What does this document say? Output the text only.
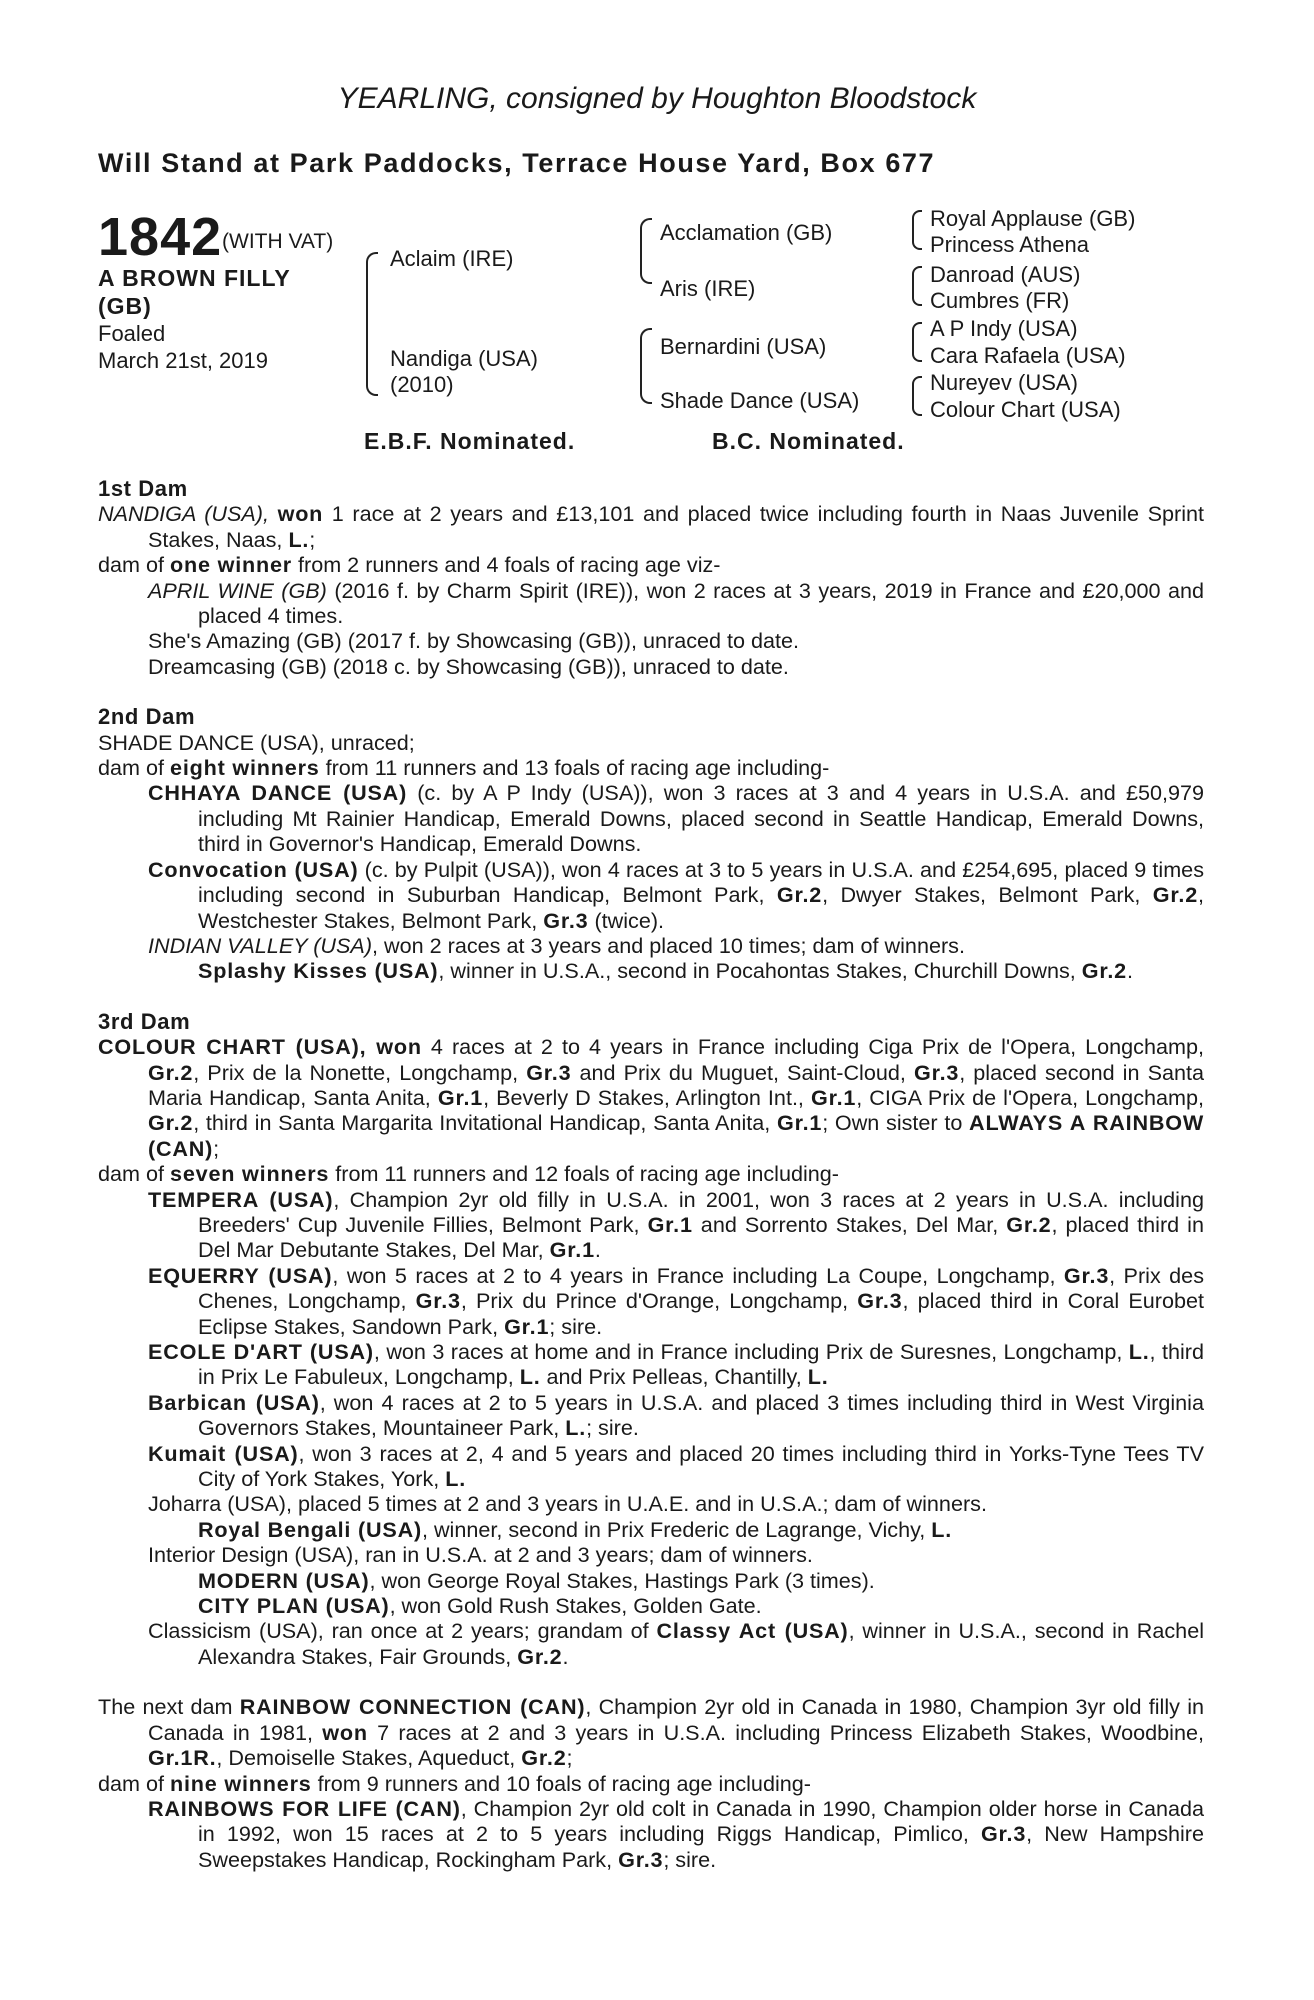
YEARLING, consigned by Houghton Bloodstock
Will Stand at Park Paddocks, Terrace House Yard, Box 677
1842 (WITH VAT)
A BROWN FILLY
(GB)
Foaled
March 21st, 2019
Aclaim (IRE)
Nandiga (USA)
(2010)
Acclamation (GB)
Aris (IRE)
Bernardini (USA)
Shade Dance (USA)
Royal Applause (GB)
Princess Athena
Danroad (AUS)
Cumbres (FR)
A P Indy (USA)
Cara Rafaela (USA)
Nureyev (USA)
Colour Chart (USA)
E.B.F. Nominated.	B.C. Nominated.
1st Dam
NANDIGA (USA), won 1 race at 2 years and £13,101 and placed twice including fourth in Naas Juvenile Sprint Stakes, Naas, L.;
dam of one winner from 2 runners and 4 foals of racing age viz-
APRIL WINE (GB) (2016 f. by Charm Spirit (IRE)), won 2 races at 3 years, 2019 in France and £20,000 and placed 4 times.
She's Amazing (GB) (2017 f. by Showcasing (GB)), unraced to date.
Dreamcasing (GB) (2018 c. by Showcasing (GB)), unraced to date.
2nd Dam
SHADE DANCE (USA), unraced;
dam of eight winners from 11 runners and 13 foals of racing age including-
CHHAYA DANCE (USA) (c. by A P Indy (USA)), won 3 races at 3 and 4 years in U.S.A. and £50,979 including Mt Rainier Handicap, Emerald Downs, placed second in Seattle Handicap, Emerald Downs, third in Governor's Handicap, Emerald Downs.
Convocation (USA) (c. by Pulpit (USA)), won 4 races at 3 to 5 years in U.S.A. and £254,695, placed 9 times including second in Suburban Handicap, Belmont Park, Gr.2, Dwyer Stakes, Belmont Park, Gr.2, Westchester Stakes, Belmont Park, Gr.3 (twice).
INDIAN VALLEY (USA), won 2 races at 3 years and placed 10 times; dam of winners.
Splashy Kisses (USA), winner in U.S.A., second in Pocahontas Stakes, Churchill Downs, Gr.2.
3rd Dam
COLOUR CHART (USA), won 4 races at 2 to 4 years in France including Ciga Prix de l'Opera, Longchamp, Gr.2, Prix de la Nonette, Longchamp, Gr.3 and Prix du Muguet, Saint-Cloud, Gr.3, placed second in Santa Maria Handicap, Santa Anita, Gr.1, Beverly D Stakes, Arlington Int., Gr.1, CIGA Prix de l'Opera, Longchamp, Gr.2, third in Santa Margarita Invitational Handicap, Santa Anita, Gr.1; Own sister to ALWAYS A RAINBOW (CAN);
dam of seven winners from 11 runners and 12 foals of racing age including-
TEMPERA (USA), Champion 2yr old filly in U.S.A. in 2001, won 3 races at 2 years in U.S.A. including Breeders' Cup Juvenile Fillies, Belmont Park, Gr.1 and Sorrento Stakes, Del Mar, Gr.2, placed third in Del Mar Debutante Stakes, Del Mar, Gr.1.
EQUERRY (USA), won 5 races at 2 to 4 years in France including La Coupe, Longchamp, Gr.3, Prix des Chenes, Longchamp, Gr.3, Prix du Prince d'Orange, Longchamp, Gr.3, placed third in Coral Eurobet Eclipse Stakes, Sandown Park, Gr.1; sire.
ECOLE D'ART (USA), won 3 races at home and in France including Prix de Suresnes, Longchamp, L., third in Prix Le Fabuleux, Longchamp, L. and Prix Pelleas, Chantilly, L.
Barbican (USA), won 4 races at 2 to 5 years in U.S.A. and placed 3 times including third in West Virginia Governors Stakes, Mountaineer Park, L.; sire.
Kumait (USA), won 3 races at 2, 4 and 5 years and placed 20 times including third in Yorks-Tyne Tees TV City of York Stakes, York, L.
Joharra (USA), placed 5 times at 2 and 3 years in U.A.E. and in U.S.A.; dam of winners.
Royal Bengali (USA), winner, second in Prix Frederic de Lagrange, Vichy, L.
Interior Design (USA), ran in U.S.A. at 2 and 3 years; dam of winners.
MODERN (USA), won George Royal Stakes, Hastings Park (3 times).
CITY PLAN (USA), won Gold Rush Stakes, Golden Gate.
Classicism (USA), ran once at 2 years; grandam of Classy Act (USA), winner in U.S.A., second in Rachel Alexandra Stakes, Fair Grounds, Gr.2.
The next dam RAINBOW CONNECTION (CAN), Champion 2yr old in Canada in 1980, Champion 3yr old filly in Canada in 1981, won 7 races at 2 and 3 years in U.S.A. including Princess Elizabeth Stakes, Woodbine, Gr.1R., Demoiselle Stakes, Aqueduct, Gr.2;
dam of nine winners from 9 runners and 10 foals of racing age including-
RAINBOWS FOR LIFE (CAN), Champion 2yr old colt in Canada in 1990, Champion older horse in Canada in 1992, won 15 races at 2 to 5 years including Riggs Handicap, Pimlico, Gr.3, New Hampshire Sweepstakes Handicap, Rockingham Park, Gr.3; sire.
